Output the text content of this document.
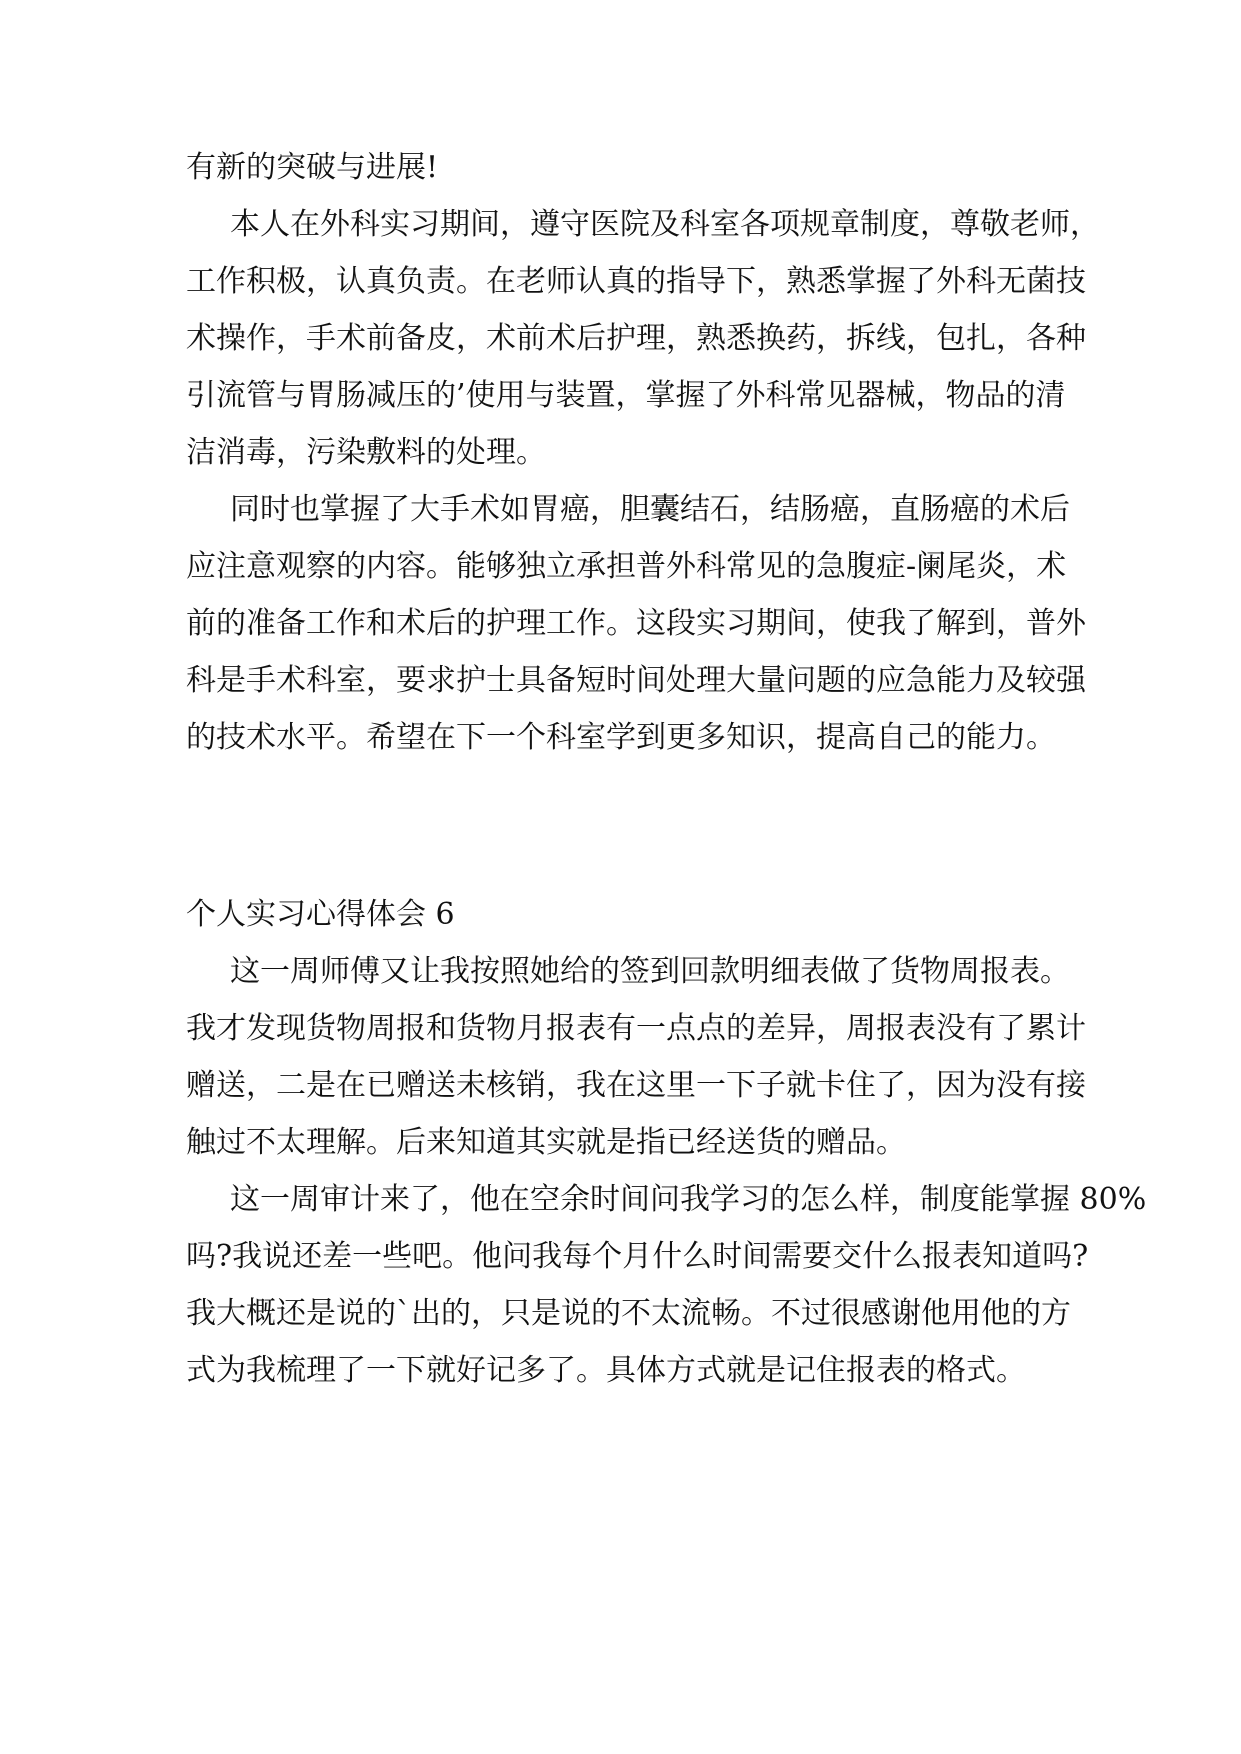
有新的突破与进展!
本人在外科实习期间，遵守医院及科室各项规章制度，尊敬老师，
工作积极，认真负责。在老师认真的指导下，熟悉掌握了外科无菌技
术操作，手术前备皮，术前术后护理，熟悉换药，拆线，包扎，各种
引流管与胃肠减压的’使用与装置，掌握了外科常见器械，物品的清
洁消毒，污染敷料的处理。
同时也掌握了大手术如胃癌，胆囊结石，结肠癌，直肠癌的术后
应注意观察的内容。能够独立承担普外科常见的急腹症-阑尾炎，术
前的准备工作和术后的护理工作。这段实习期间，使我了解到，普外
科是手术科室，要求护士具备短时间处理大量问题的应急能力及较强
的技术水平。希望在下一个科室学到更多知识，提高自己的能力。
个人实习心得体会 6
这一周师傅又让我按照她给的签到回款明细表做了货物周报表。
我才发现货物周报和货物月报表有一点点的差异，周报表没有了累计
赠送，二是在已赠送未核销，我在这里一下子就卡住了，因为没有接
触过不太理解。后来知道其实就是指已经送货的赠品。
这一周审计来了，他在空余时间问我学习的怎么样，制度能掌握 80%
吗?我说还差一些吧。他问我每个月什么时间需要交什么报表知道吗?
我大概还是说的`出的，只是说的不太流畅。不过很感谢他用他的方
式为我梳理了一下就好记多了。具体方式就是记住报表的格式。
